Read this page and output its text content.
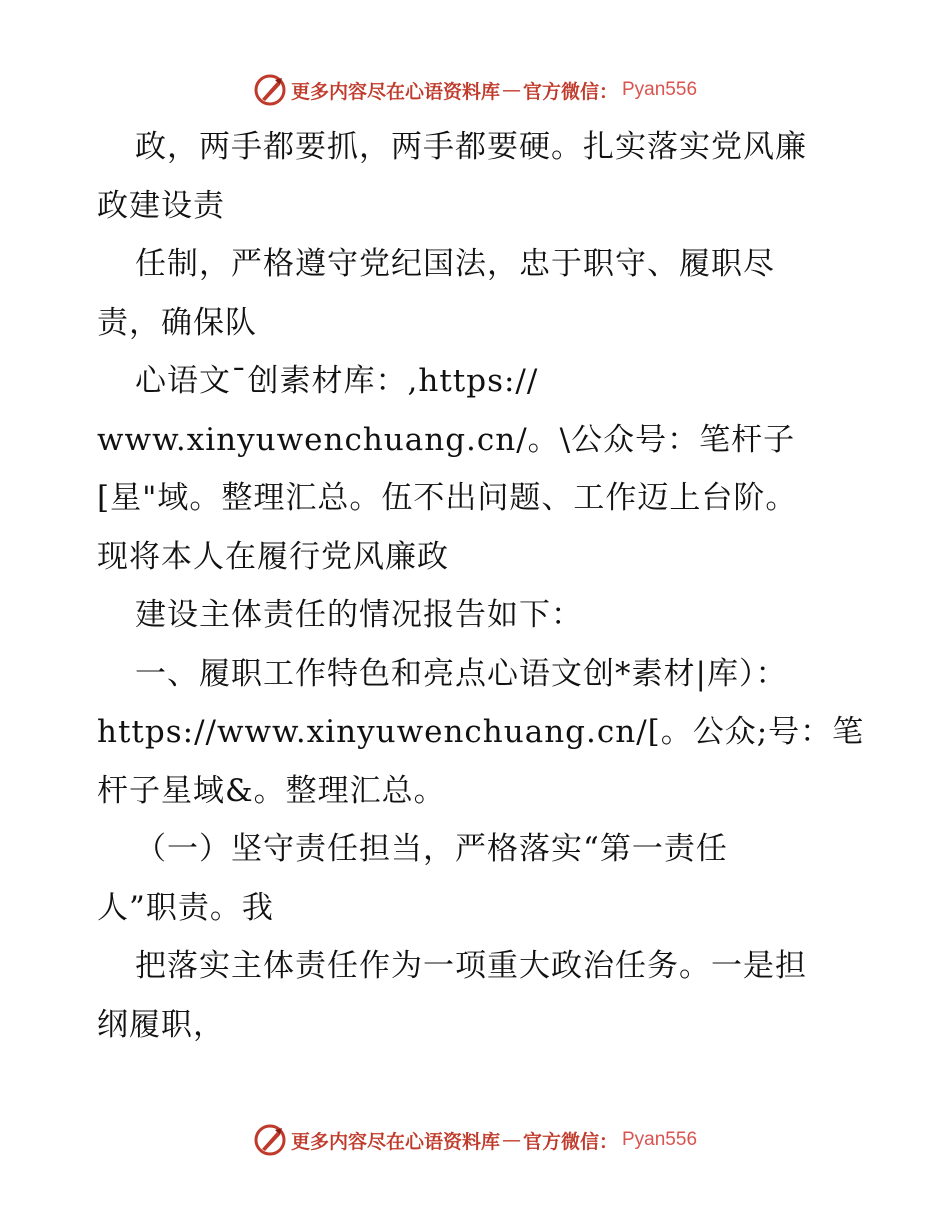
更多内容尽在心语资料库 — 官方微信： Pyan556
政，两手都要抓，两手都要硬。扎实落实党风廉
政建设责
任制，严格遵守党纪国法，忠于职守、履职尽
责，确保队
心语文¯创素材库：,https://
www.xinyuwenchuang.cn/。\公众号：笔杆子
[星"域。整理汇总。伍不出问题、工作迈上台阶。
现将本人在履行党风廉政
建设主体责任的情况报告如下：
一、履职工作特色和亮点心语文创*素材|库）：
https://www.xinyuwenchuang.cn/[。公众;号：笔
杆子星域&。整理汇总。
（一）坚守责任担当，严格落实“第一责任
人”职责。我
把落实主体责任作为一项重大政治任务。一是担
纲履职，
更多内容尽在心语资料库 — 官方微信： Pyan556
